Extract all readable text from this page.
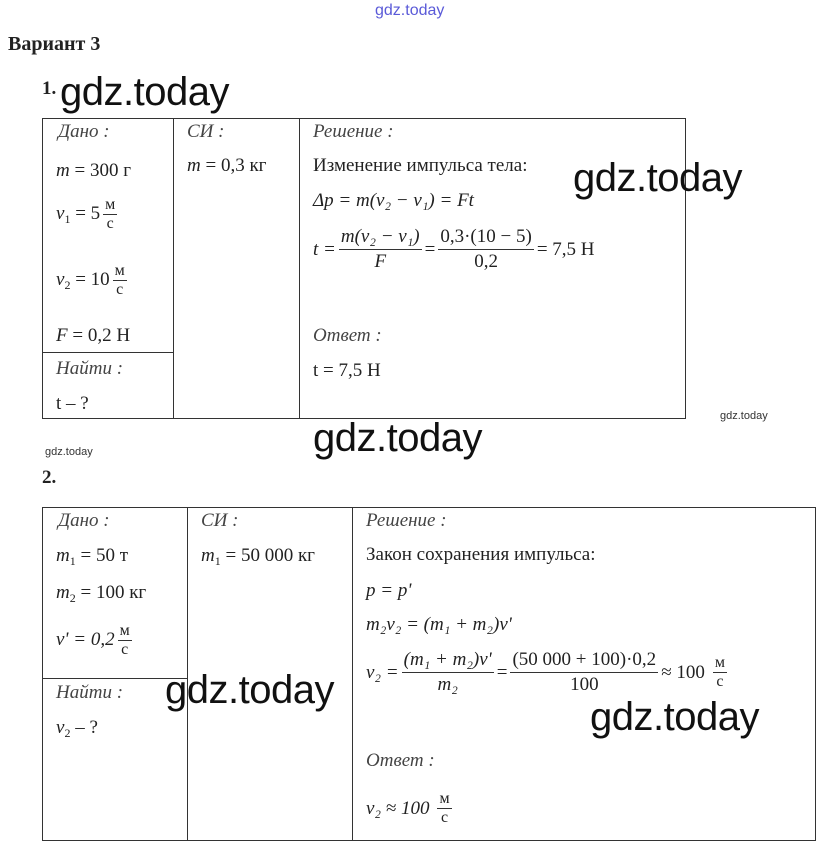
gdz.today
Вариант 3
1. gdz.today
Дано :
m = 300 г
$v_1 = 5$ м
с
$v_2 = 10$ м
с
F = 0,2 Н
Найти :
t – ?
СИ :
m = 0,3 кг
Решение :
Изменение импульса тела:
Δp = m(v₂ − v₁) = Ft
$t = \frac{\text{m(v₂ − v₁)}}{F} = \frac{0,3\cdot(10 - 5)}{0,2} = 7,5$ Н
Ответ :
t = 7,5 Н
gdz.today
gdz.today
gdz.today	gdz.today
2.
Дано :
$m_1 = 50$ т
$m_2 = 100$ кг
v' = 0,2 м
с
Найти :
$v_2$ – ?
СИ :
$m_1 = 50$ 000 кг
Решение :
Закон сохранения импульса:
p = p'
m₂v₂ = (m₁ + m₂)v'
$v_2 = \frac{\text{(m₁ + m₂)v'}}{\text{m₂}} = \frac{(50 000 + 100)\cdot 0,2}{100} \approx 100$ м
с
Ответ :
v₂ ≈ 100 м
с
gdz.today
gdz.today
